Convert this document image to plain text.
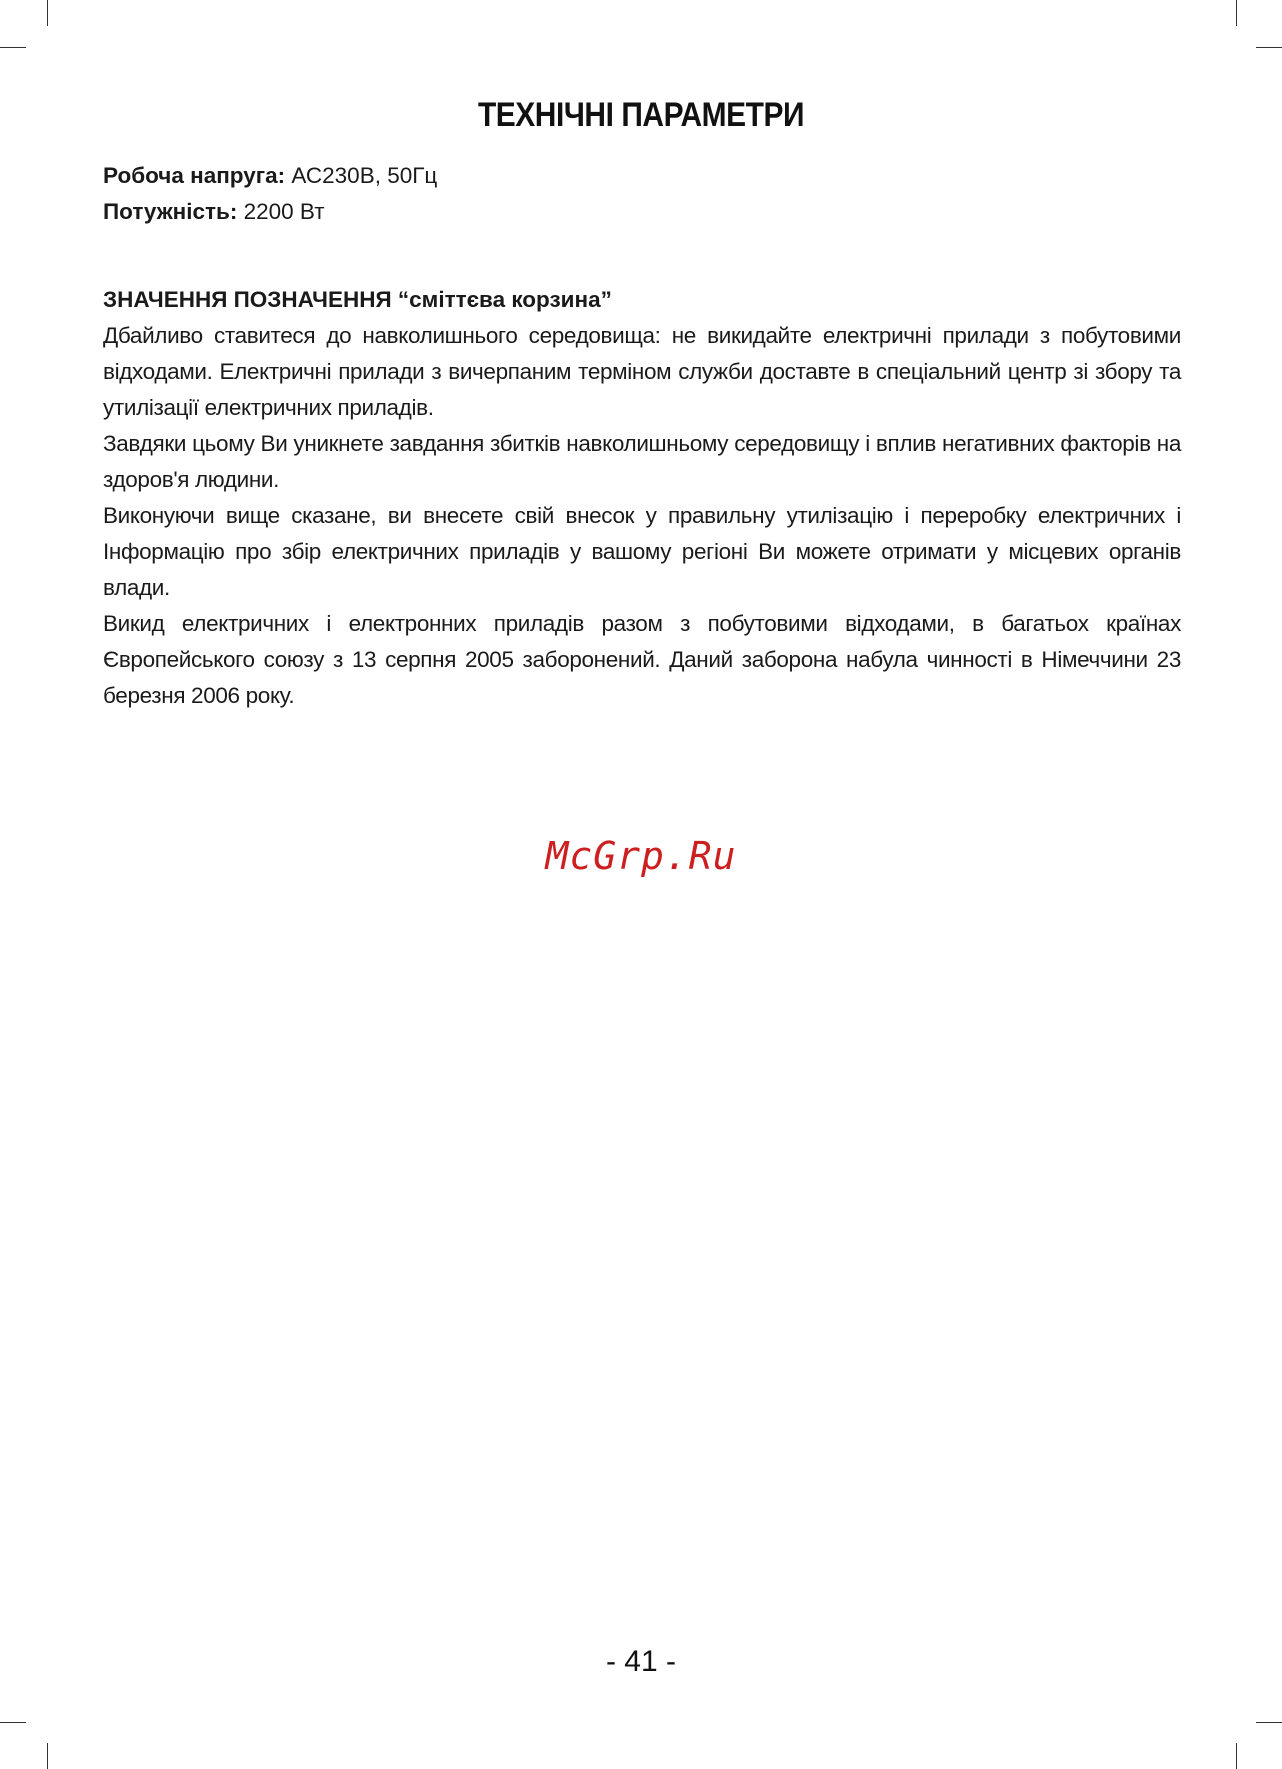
ТЕХНІЧНІ ПАРАМЕТРИ

Робоча напруга: АС230В, 50Гц

Потужність: 2200 Вт

ЗНАЧЕННЯ ПОЗНАЧЕННЯ “сміттєва корзина”

Дбайливо ставитеся до навколишнього середовища: не викидайте електричні прилади з побутовими відходами. Електричні прилади з вичерпаним терміном служби доставте в спеціальний центр зі збору та утилізації електричних приладів.

Завдяки цьому Ви уникнете завдання збитків навколишньому середовищу і вплив негативних факторів на здоров'я людини.

Виконуючи вище сказане, ви внесете свій внесок у правильну утилізацію і переробку електричних і Інформацію про збір електричних приладів у вашому регіоні Ви можете отримати у місцевих органів влади.

Викид електричних і електронних приладів разом з побутовими відходами, в багатьох країнах Європейського союзу з 13 серпня 2005 заборонений. Даний заборона набула чинності в Німеччини 23 березня 2006 року.

McGrp.Ru
- 41 -
